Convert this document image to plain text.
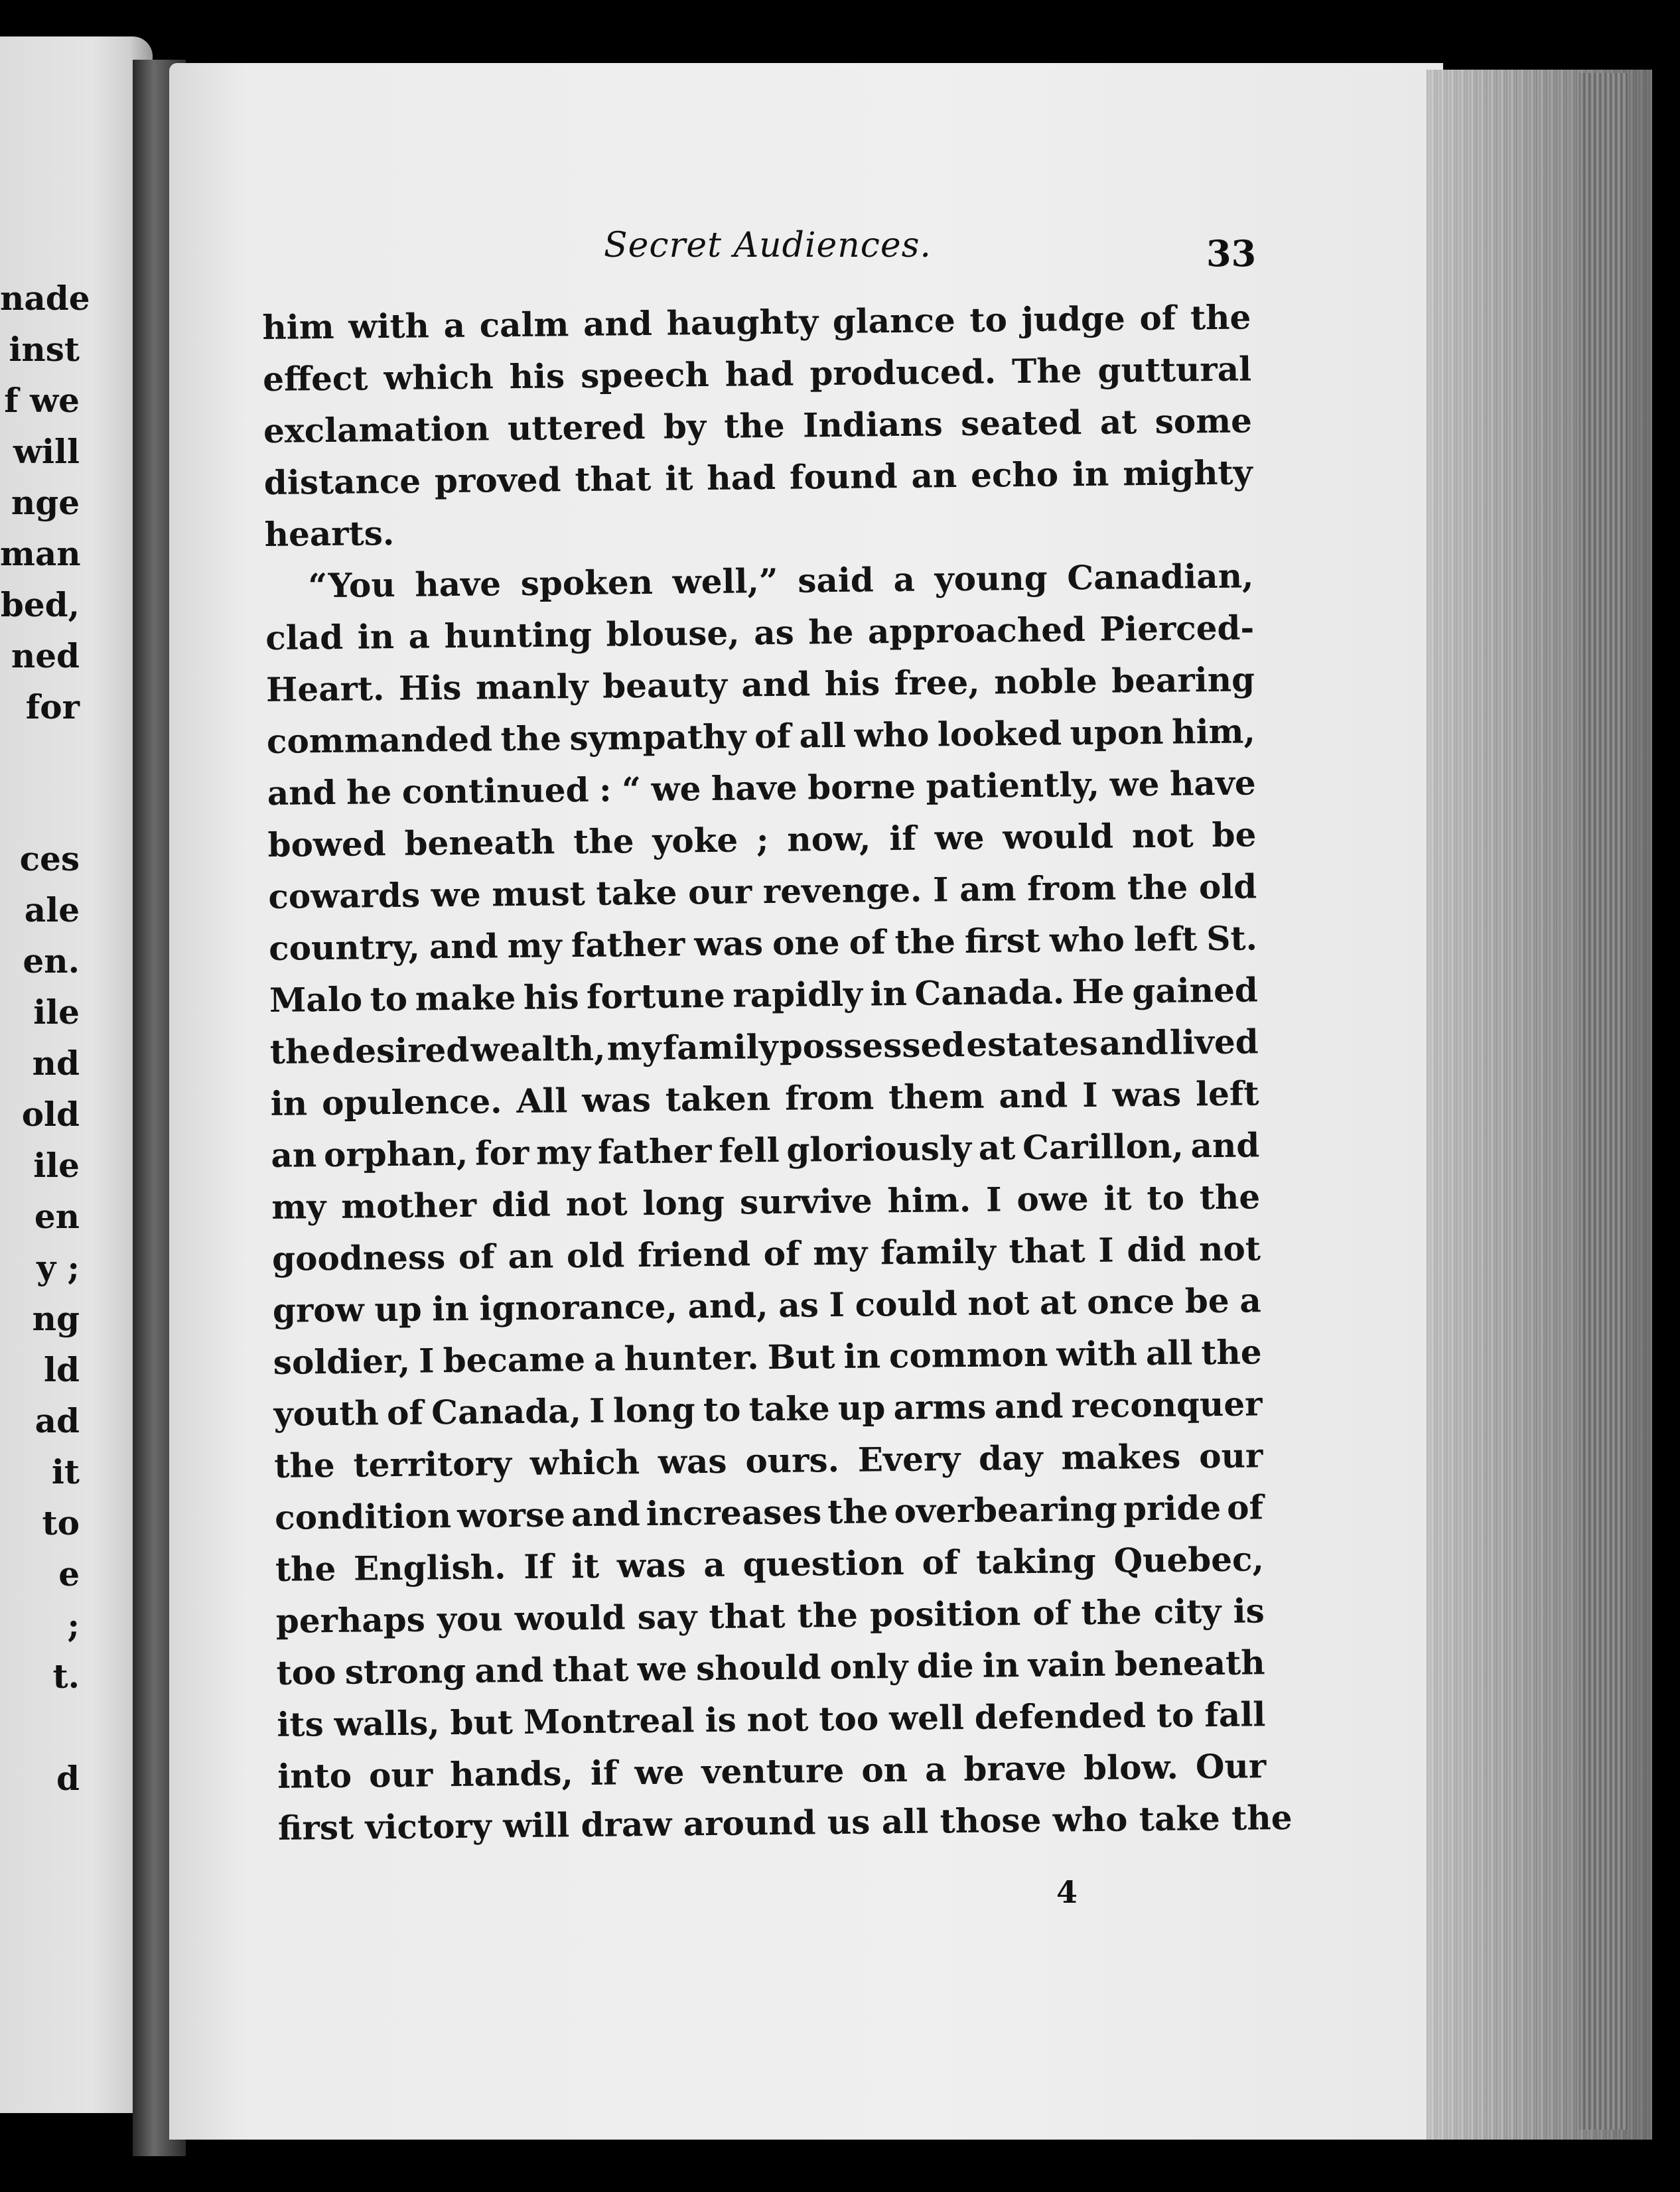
nade
inst
f we
will
nge
man
bed,
ned
for
ces
ale
en.
ile
nd
old
ile
en
y ;
ng
ld
ad
it
to
e
;
t.
d
Secret Audiences.	33
him with a calm and haughty glance to judge of the
effect which his speech had produced. The guttural
exclamation uttered by the Indians seated at some
distance proved that it had found an echo in mighty
hearts.
“You have spoken well,” said a young Canadian,
clad in a hunting blouse, as he approached Pierced-
Heart. His manly beauty and his free, noble bearing
commanded the sympathy of all who looked upon him,
and he continued : “ we have borne patiently, we have
bowed beneath the yoke ; now, if we would not be
cowards we must take our revenge. I am from the old
country, and my father was one of the first who left St.
Malo to make his fortune rapidly in Canada. He gained
the desired wealth, my family possessed estates and lived
in opulence. All was taken from them and I was left
an orphan, for my father fell gloriously at Carillon, and
my mother did not long survive him. I owe it to the
goodness of an old friend of my family that I did not
grow up in ignorance, and, as I could not at once be a
soldier, I became a hunter. But in common with all the
youth of Canada, I long to take up arms and reconquer
the territory which was ours. Every day makes our
condition worse and increases the overbearing pride of
the English. If it was a question of taking Quebec,
perhaps you would say that the position of the city is
too strong and that we should only die in vain beneath
its walls, but Montreal is not too well defended to fall
into our hands, if we venture on a brave blow. Our
first victory will draw around us all those who take the
4
